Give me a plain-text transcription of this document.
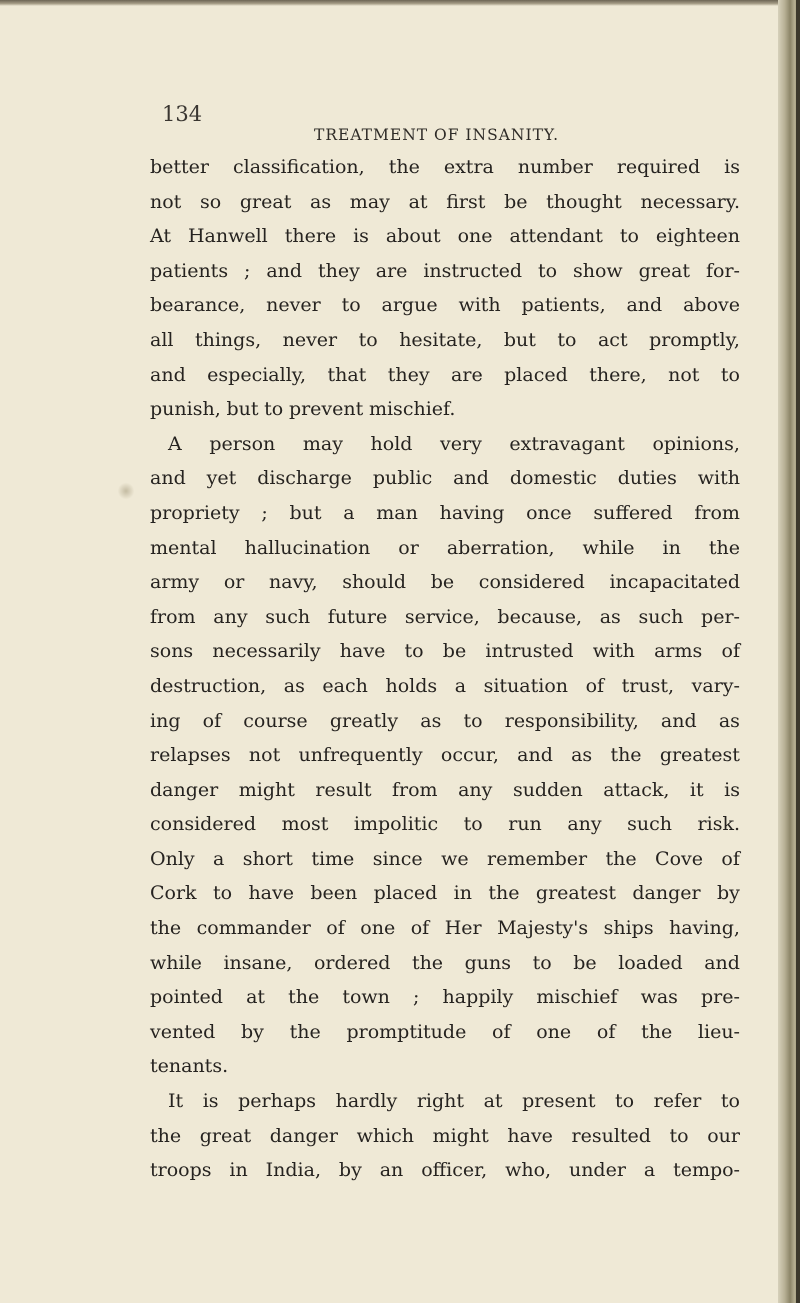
134
TREATMENT OF INSANITY.
better classification, the extra number required is
not so great as may at first be thought necessary.
At Hanwell there is about one attendant to eighteen
patients ; and they are instructed to show great for-
bearance, never to argue with patients, and above
all things, never to hesitate, but to act promptly,
and especially, that they are placed there, not to
punish, but to prevent mischief.
A person may hold very extravagant opinions,
and yet discharge public and domestic duties with
propriety ; but a man having once suffered from
mental hallucination or aberration, while in the
army or navy, should be considered incapacitated
from any such future service, because, as such per-
sons necessarily have to be intrusted with arms of
destruction, as each holds a situation of trust, vary-
ing of course greatly as to responsibility, and as
relapses not unfrequently occur, and as the greatest
danger might result from any sudden attack, it is
considered most impolitic to run any such risk.
Only a short time since we remember the Cove of
Cork to have been placed in the greatest danger by
the commander of one of Her Majesty's ships having,
while insane, ordered the guns to be loaded and
pointed at the town ; happily mischief was pre-
vented by the promptitude of one of the lieu-
tenants.
It is perhaps hardly right at present to refer to
the great danger which might have resulted to our
troops in India, by an officer, who, under a tempo-
